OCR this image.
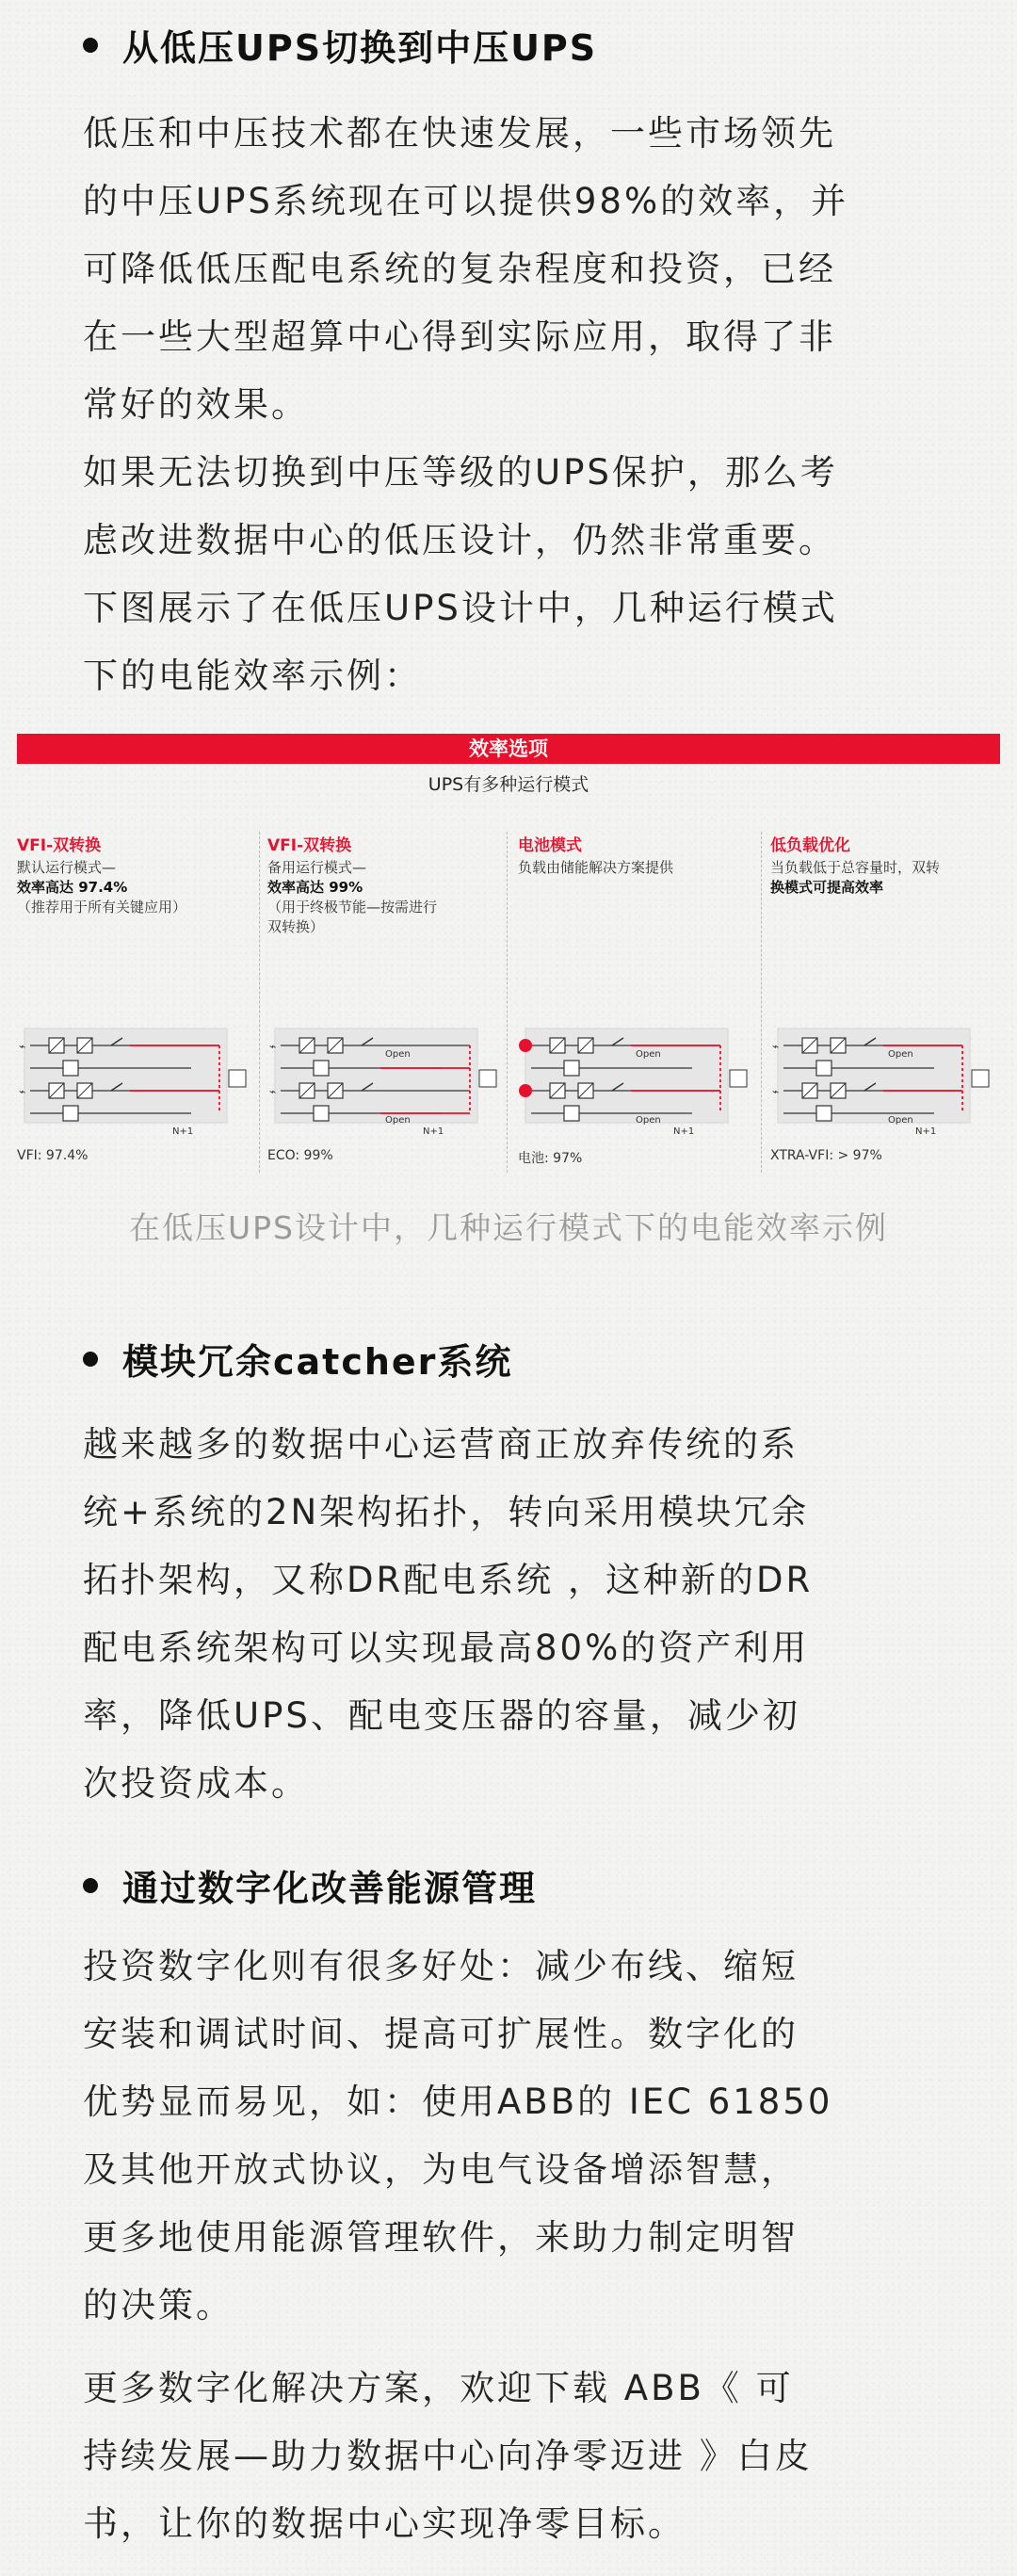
从低压UPS切换到中压UPS

低压和中压技术都在快速发展，一些市场领先
的中压UPS系统现在可以提供98%的效率，并
可降低低压配电系统的复杂程度和投资，已经
在一些大型超算中心得到实际应用，取得了非
常好的效果。
如果无法切换到中压等级的UPS保护，那么考
虑改进数据中心的低压设计，仍然非常重要。
下图展示了在低压UPS设计中，几种运行模式
下的电能效率示例：

效率选项
UPS有多种运行模式
VFI-双转换
默认运行模式—
效率高达 97.4%
（推荐用于所有关键应用）
⌁
⌁
N+1
VFI: 97.4%
VFI-双转换
备用运行模式—
效率高达 99%
（用于终极节能—按需进行
双转换）
⌁
⌁
N+1
Open
Open
ECO: 99%
电池模式
负载由储能解决方案提供
N+1
Open
Open
电池: 97%
低负载优化
当负载低于总容量时，双转
换模式可提高效率
⌁
⌁
N+1
Open
Open
XTRA-VFI: > 97%
在低压UPS设计中，几种运行模式下的电能效率示例
模块冗余catcher系统

越来越多的数据中心运营商正放弃传统的系
统+系统的2N架构拓扑，转向采用模块冗余
拓扑架构，又称DR配电系统 ，这种新的DR
配电系统架构可以实现最高80%的资产利用
率，降低UPS、配电变压器的容量，减少初
次投资成本。

通过数字化改善能源管理

投资数字化则有很多好处：减少布线、缩短
安装和调试时间、提高可扩展性。数字化的
优势显而易见，如：使用ABB的 IEC 61850
及其他开放式协议，为电气设备增添智慧，
更多地使用能源管理软件，来助力制定明智
的决策。

更多数字化解决方案，欢迎下载 ABB《 可
持续发展—助力数据中心向净零迈进 》白皮
书，让你的数据中心实现净零目标。
